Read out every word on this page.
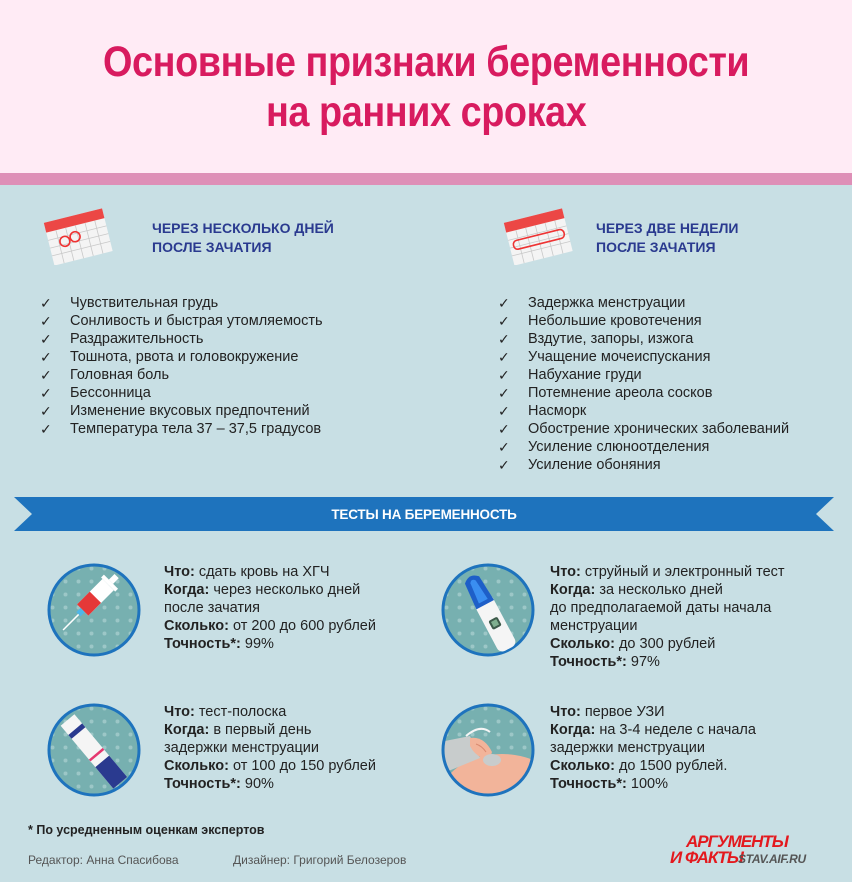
Основные признаки беременности
на ранних сроках
ЧЕРЕЗ НЕСКОЛЬКО ДНЕЙ
ПОСЛЕ ЗАЧАТИЯ
✓	Чувствительная грудь
✓	Сонливость и быстрая утомляемость
✓	Раздражительность
✓	Тошнота, рвота и головокружение
✓	Головная боль
✓	Бессонница
✓	Изменение вкусовых предпочтений
✓	Температура тела 37 – 37,5 градусов
ЧЕРЕЗ ДВЕ НЕДЕЛИ
ПОСЛЕ ЗАЧАТИЯ
✓	Задержка менструации
✓	Небольшие кровотечения
✓	Вздутие, запоры, изжога
✓	Учащение мочеиспускания
✓	Набухание груди
✓	Потемнение ареола сосков
✓	Насморк
✓	Обострение хронических заболеваний
✓	Усиление слюноотделения
✓	Усиление обоняния
ТЕСТЫ НА БЕРЕМЕННОСТЬ
Что: сдать кровь на ХГЧ
Когда: через несколько дней
после зачатия
Сколько: от 200 до 600 рублей
Точность*: 99%
Что: струйный и электронный тест
Когда: за несколько дней
до предполагаемой даты начала
менструации
Сколько: до 300 рублей
Точность*: 97%
Что: тест-полоска
Когда: в первый день
задержки менструации
Сколько: от 100 до 150 рублей
Точность*: 90%
Что: первое УЗИ
Когда: на 3-4 неделе с начала
задержки менструации
Сколько: до 1500 рублей.
Точность*: 100%
* По усредненным оценкам экспертов
Редактор: Анна Спасибова	Дизайнер: Григорий Белозеров
АРГУМЕНТЫ
И ФАКТЫ
STAV.AIF.RU
